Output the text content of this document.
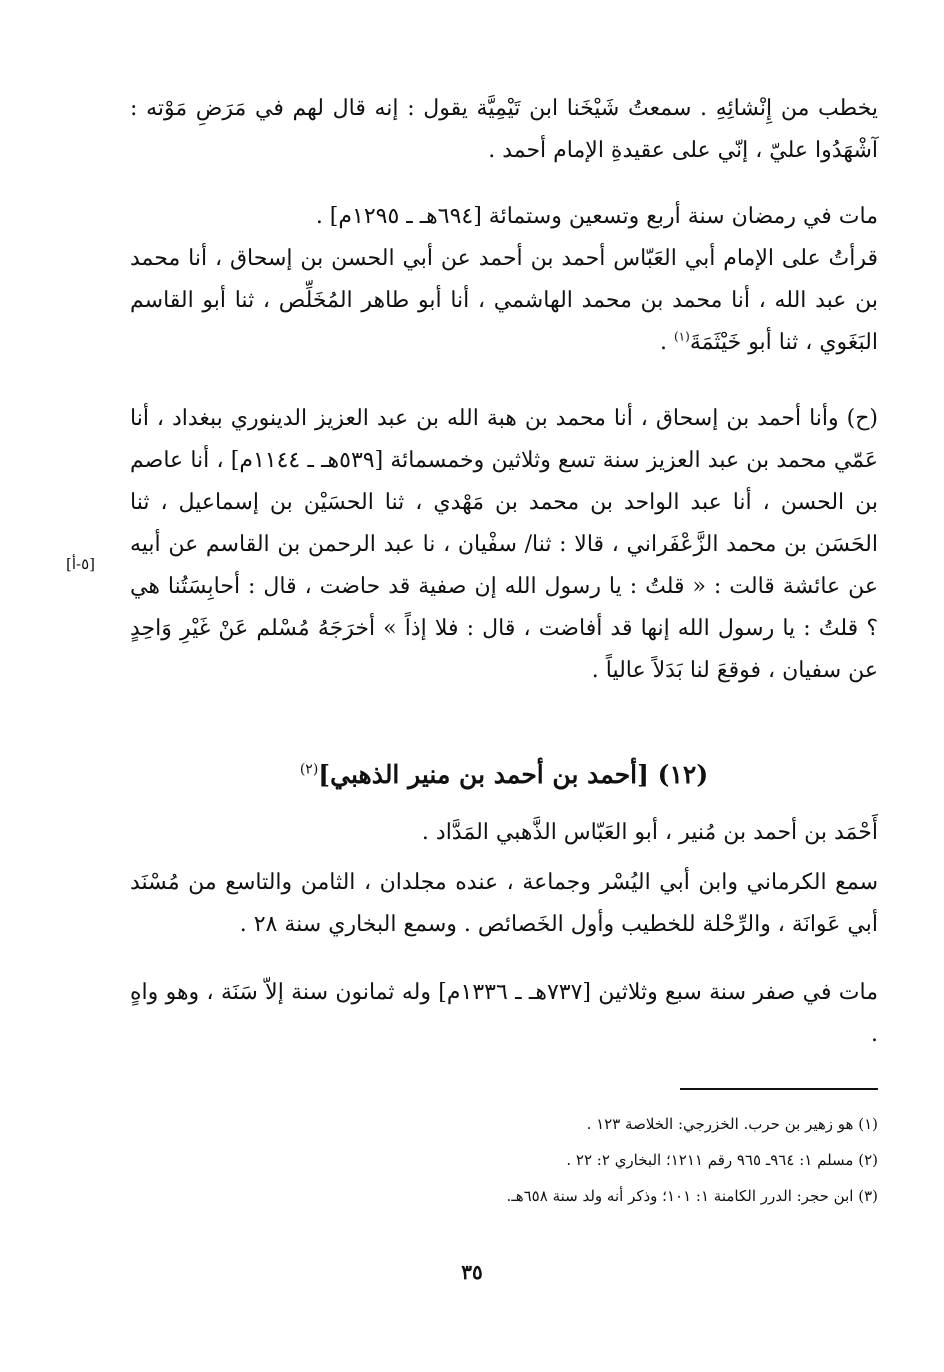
يخطب من إِنْشائِهِ . سمعتُ شَيْخَنا ابن تَيْمِيَّة يقول : إنه قال لهم في مَرَضِ مَوْته : آشْهَدُوا عليّ ، إنّي على عقيدةِ الإمام أحمد .
مات في رمضان سنة أربع وتسعين وستمائة [٦٩٤هـ ـ ١٢٩٥م] .
قرأتُ على الإمام أبي العَبّاس أحمد بن أحمد عن أبي الحسن بن إسحاق ، أنا محمد بن عبد الله ، أنا محمد بن محمد الهاشمي ، أنا أبو طاهر المُخَلِّص ، ثنا أبو القاسم البَغَوي ، ثنا أبو خَيْثَمَةَ$^{(١)}$ .
(ح) وأنا أحمد بن إسحاق ، أنا محمد بن هبة الله بن عبد العزيز الدينوري ببغداد ، أنا عَمّي محمد بن عبد العزيز سنة تسع وثلاثين وخمسمائة [٥٣٩هـ ـ ١١٤٤م] ، أنا عاصم بن الحسن ، أنا عبد الواحد بن محمد بن مَهْدي ، ثنا الحسَيْن بن إسماعيل ، ثنا الحَسَن بن محمد الزَّعْفَراني ، قالا : ثنا/ سفْيان ، نا عبد الرحمن بن القاسم عن أبيه عن عائشة قالت : « قلتُ : يا رسول الله إن صفية قد حاضت ، قال : أحابِسَتُنا هي ؟ قلتُ : يا رسول الله إنها قد أفاضت ، قال : فلا إذاً » أخرَجَهُ مُسْلم عَنْ غَيْرِ وَاحِدٍ عن سفيان ، فوقعَ لنا بَدَلاً عالياً .
[٥-أ]
(١٢) [أحمد بن أحمد بن منير الذهبي]$^{(٢)}$
أَحْمَد بن أحمد بن مُنير ، أبو العَبّاس الذَّهبي المَدَّاد .
سمع الكرماني وابن أبي اليُسْر وجماعة ، عنده مجلدان ، الثامن والتاسع من مُسْنَد أبي عَوانَة ، والرِّحْلة للخطيب وأول الخَصائص . وسمع البخاري سنة ٢٨ .
مات في صفر سنة سبع وثلاثين [٧٣٧هـ ـ ١٣٣٦م] وله ثمانون سنة إلاّ سَنَة ، وهو واهٍ .
(١) هو زهير بن حرب. الخزرجي: الخلاصة ١٢٣ .
(٢) مسلم ١: ٩٦٤ـ ٩٦٥ رقم ١٢١١؛ البخاري ٢: ٢٢ .
(٣) ابن حجر: الدرر الكامنة ١: ١٠١؛ وذكر أنه ولد سنة ٦٥٨هـ.
٣٥
